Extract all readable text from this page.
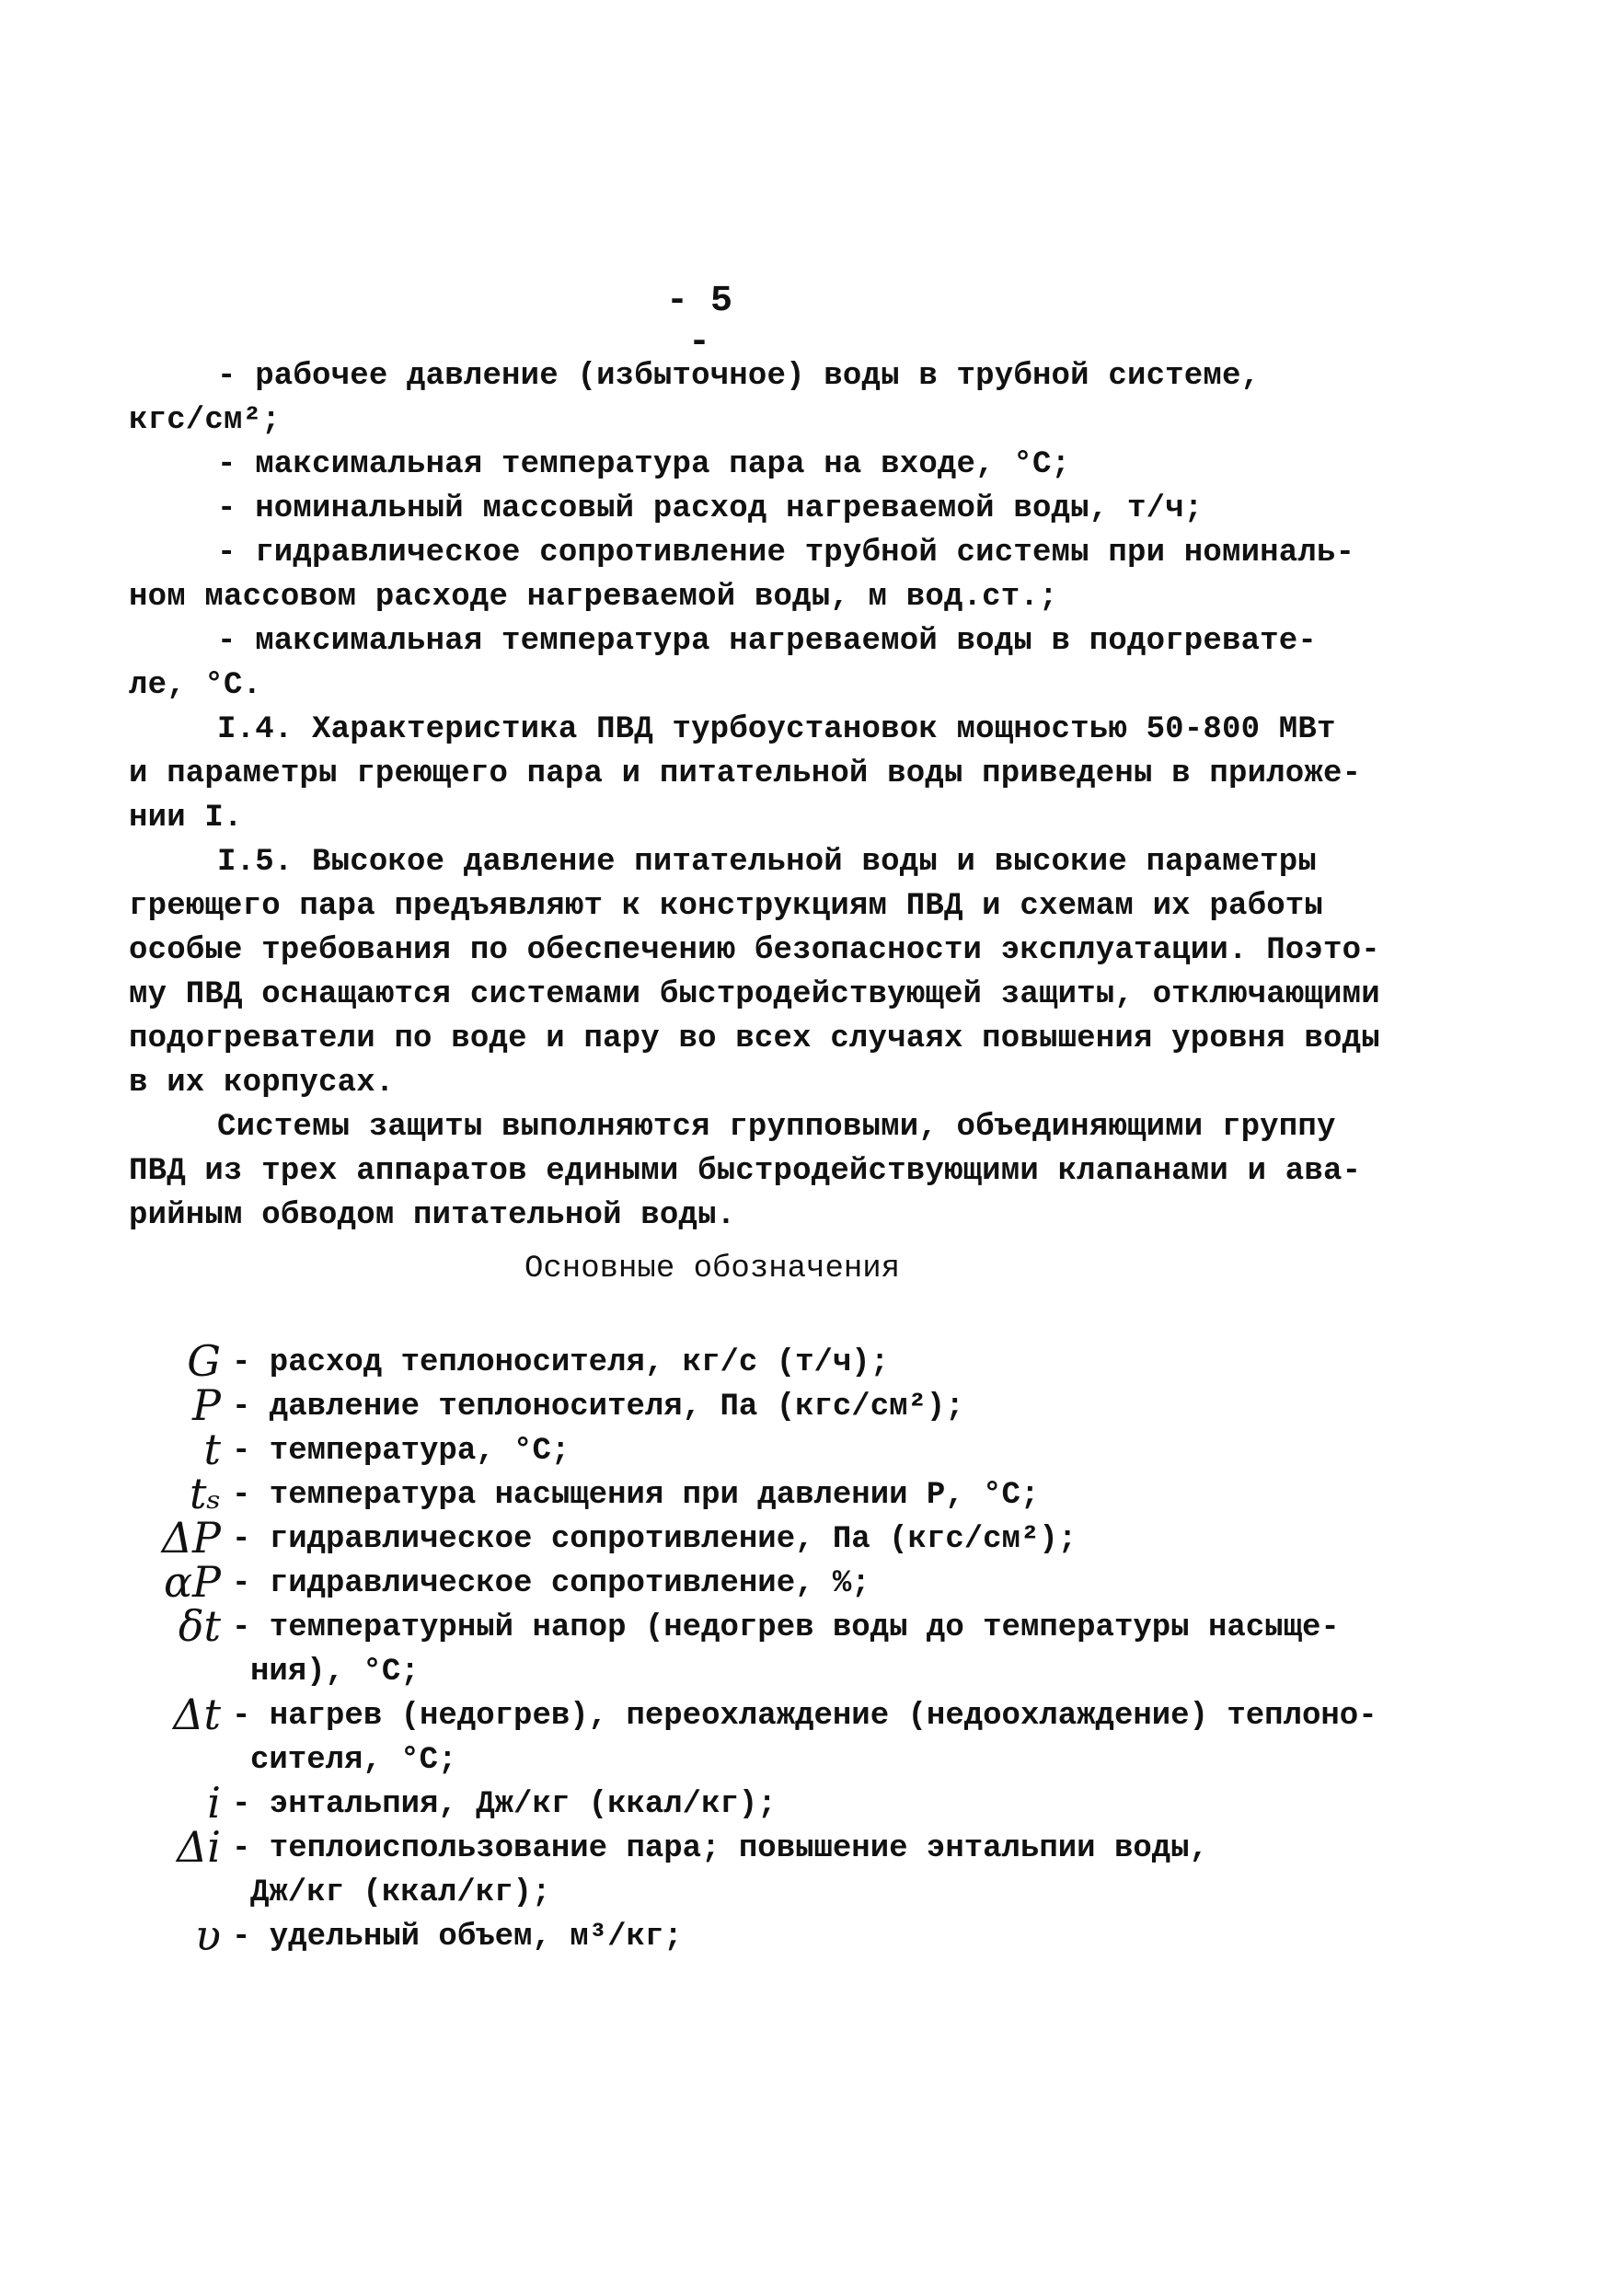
- 5 -
- рабочее давление (избыточное) воды в трубной системе,
кгс/см²;
- максимальная температура пара на входе, °С;
- номинальный массовый расход нагреваемой воды, т/ч;
- гидравлическое сопротивление трубной системы при номиналь-
ном массовом расходе нагреваемой воды, м вод.ст.;
- максимальная температура нагреваемой воды в подогревате-
ле, °С.
I.4. Характеристика ПВД турбоустановок мощностью 50-800 МВт
и параметры греющего пара и питательной воды приведены в приложе-
нии I.
I.5. Высокое давление питательной воды и высокие параметры
греющего пара предъявляют к конструкциям ПВД и схемам их работы
особые требования по обеспечению безопасности эксплуатации. Поэто-
му ПВД оснащаются системами быстродействующей защиты, отключающими
подогреватели по воде и пару во всех случаях повышения уровня воды
в их корпусах.
Системы защиты выполняются групповыми, объединяющими группу
ПВД из трех аппаратов едиными быстродействующими клапанами и ава-
рийным обводом питательной воды.
Основные обозначения
G - расход теплоносителя, кг/с (т/ч);
P - давление теплоносителя, Па (кгс/см²);
t - температура, °С;
tₛ - температура насыщения при давлении Р, °С;
ΔP - гидравлическое сопротивление, Па (кгс/см²);
αP - гидравлическое сопротивление, %;
δt - температурный напор (недогрев воды до температуры насыще-
ния), °С;
Δt - нагрев (недогрев), переохлаждение (недоохлаждение) теплоно-
сителя, °С;
i - энтальпия, Дж/кг (ккал/кг);
Δi - теплоиспользование пара; повышение энтальпии воды,
Дж/кг (ккал/кг);
υ - удельный объем, м³/кг;
